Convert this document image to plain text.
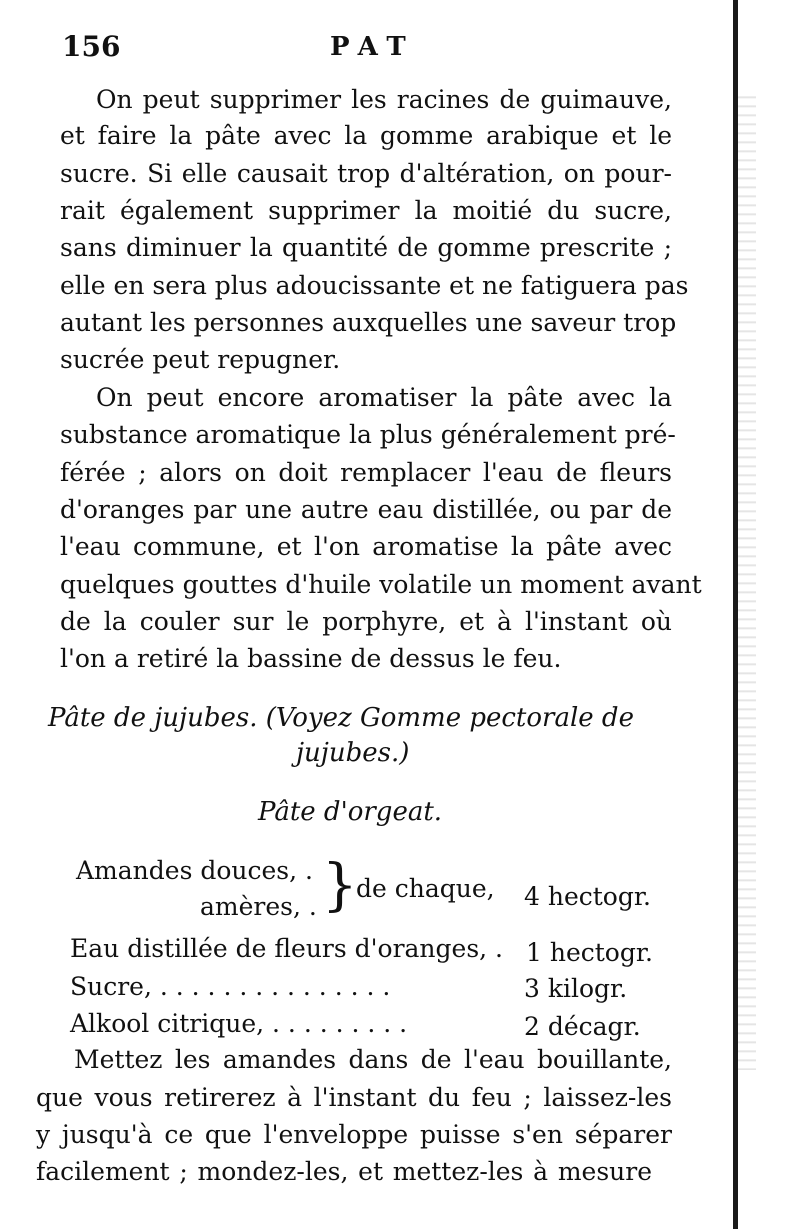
156	PAT
On peut supprimer les racines de guimauve,
et faire la pâte avec la gomme arabique et le
sucre. Si elle causait trop d'altération, on pour-
rait également supprimer la moitié du sucre,
sans diminuer la quantité de gomme prescrite ;
elle en sera plus adoucissante et ne fatiguera pas
autant les personnes auxquelles une saveur trop
sucrée peut repugner.
On peut encore aromatiser la pâte avec la
substance aromatique la plus généralement pré-
férée ; alors on doit remplacer l'eau de fleurs
d'oranges par une autre eau distillée, ou par de
l'eau commune, et l'on aromatise la pâte avec
quelques gouttes d'huile volatile un moment avant
de la couler sur le porphyre, et à l'instant où
l'on a retiré la bassine de dessus le feu.
Pâte de jujubes. (Voyez Gomme pectorale de
jujubes.)
Pâte d'orgeat.
Amandes douces, .
amères, . }
de chaque, 4 hectogr.
Eau distillée de fleurs d'oranges, . 1 hectogr.
Sucre, . . . . . . . . . . . . . . .	3 kilogr.
Alkool citrique, . . . . . . . . .	2 décagr.
Mettez les amandes dans de l'eau bouillante,
que vous retirerez à l'instant du feu ; laissez-les
y jusqu'à ce que l'enveloppe puisse s'en séparer
facilement ; mondez-les, et mettez-les à mesure
